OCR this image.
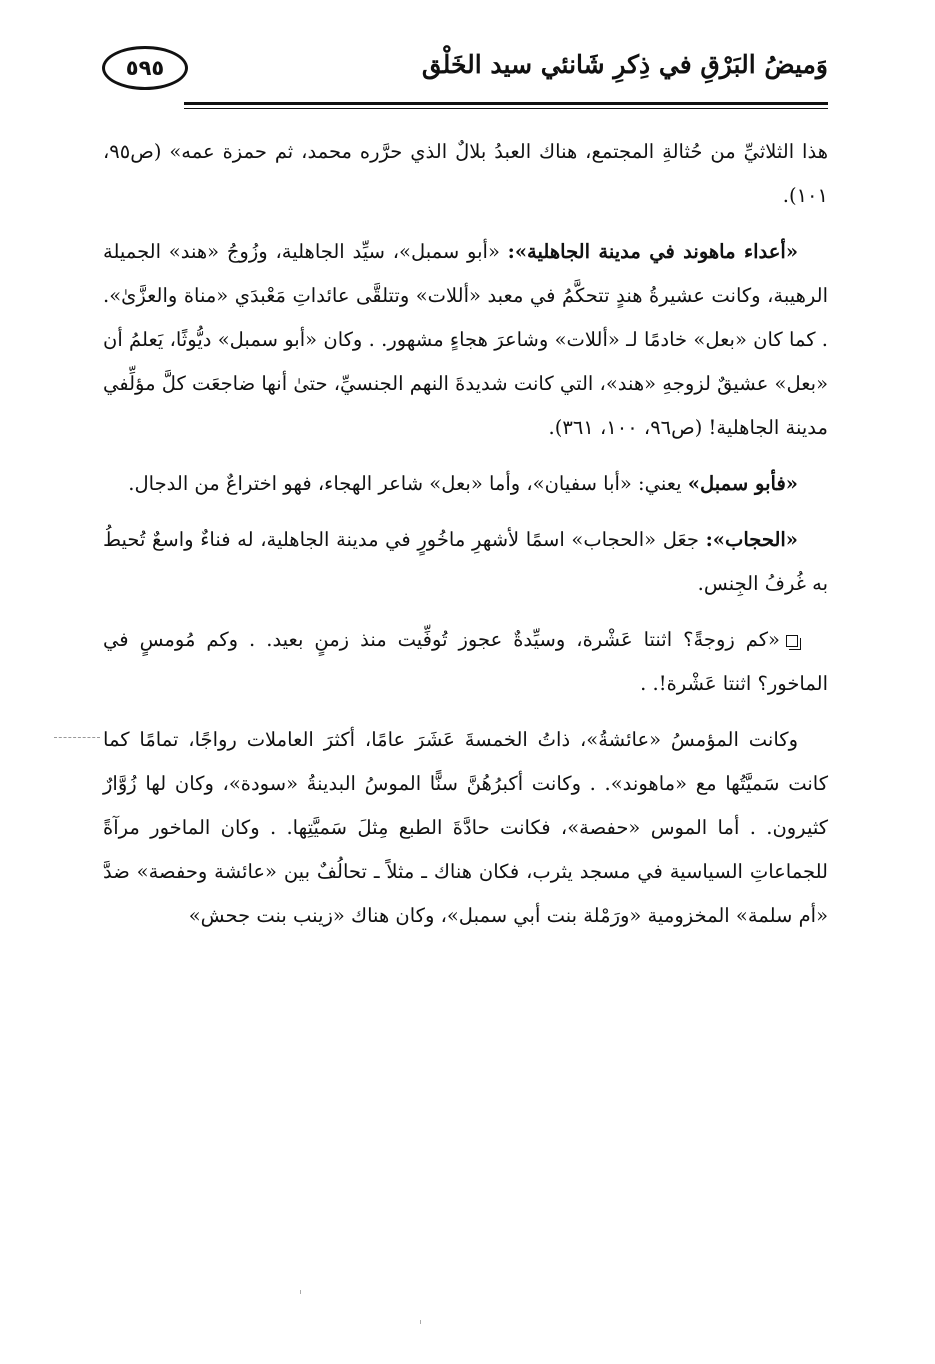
وَميضُ البَرْقِ في ذِكرِ شَانئي سيد الخَلْق
٥٩٥

هذا الثلاثيِّ من حُثالةِ المجتمع، هناك العبدُ بلالٌ الذي حرَّره محمد، ثم حمزة عمه» (ص٩٥، ١٠١).

«أعداء ماهوند في مدينة الجاهلية»: «أبو سمبل»، سيِّد الجاهلية، وزُوجُ «هند» الجميلة الرهيبة، وكانت عشيرةُ هندٍ تتحكَّمُ في معبد «أللات» وتتلقَّى عائداتِ مَعْبدَي «مناة والعزَّىٰ». . كما كان «بعل» خادمًا لـ «أللات» وشاعرَ هجاءٍ مشهور. . وكان «أبو سمبل» ديُّوثًا، يَعلمُ أن «بعل» عشيقٌ لزوجهِ «هند»، التي كانت شديدةَ النهم الجنسيِّ، حتىٰ أنها ضاجعَت كلَّ مؤلِّفي مدينة الجاهلية! (ص٩٦، ١٠٠، ٣٦١).

«فأبو سمبل» يعني: «أبا سفيان»، وأما «بعل» شاعر الهجاء، فهو اختراعٌ من الدجال.

«الحجاب»: جعَل «الحجاب» اسمًا لأشهرِ ماخُورٍ في مدينة الجاهلية، له فناءٌ واسعٌ تُحيطُ به غُرفُ الجِنس.

«كم زوجةً؟ اثنتا عَشْرة، وسيِّدةٌ عجوز تُوفِّيت منذ زمنٍ بعيد. . وكم مُومسٍ في الماخور؟ اثنتا عَشْرة!. .

وكانت المؤمسُ «عائشةُ»، ذاتُ الخمسةَ عَشَرَ عامًا، أكثرَ العاملات رواجًا، تمامًا كما كانت سَميَّتُها مع «ماهوند». . وكانت أكبرُهُنَّ سنًّا الموسُ البدينةُ «سودة»، وكان لها زُوَّارٌ كثيرون. . أما الموس «حفصة»، فكانت حادَّةَ الطبع مِثلَ سَميَّتِها. . وكان الماخور مرآةً للجماعاتِ السياسية في مسجد يثرب، فكان هناك ـ مثلاً ـ تحالُفٌ بين «عائشة وحفصة» ضدَّ «أم سلمة» المخزومية «ورَمْلة بنت أبي سمبل»، وكان هناك «زينب بنت جحش»
